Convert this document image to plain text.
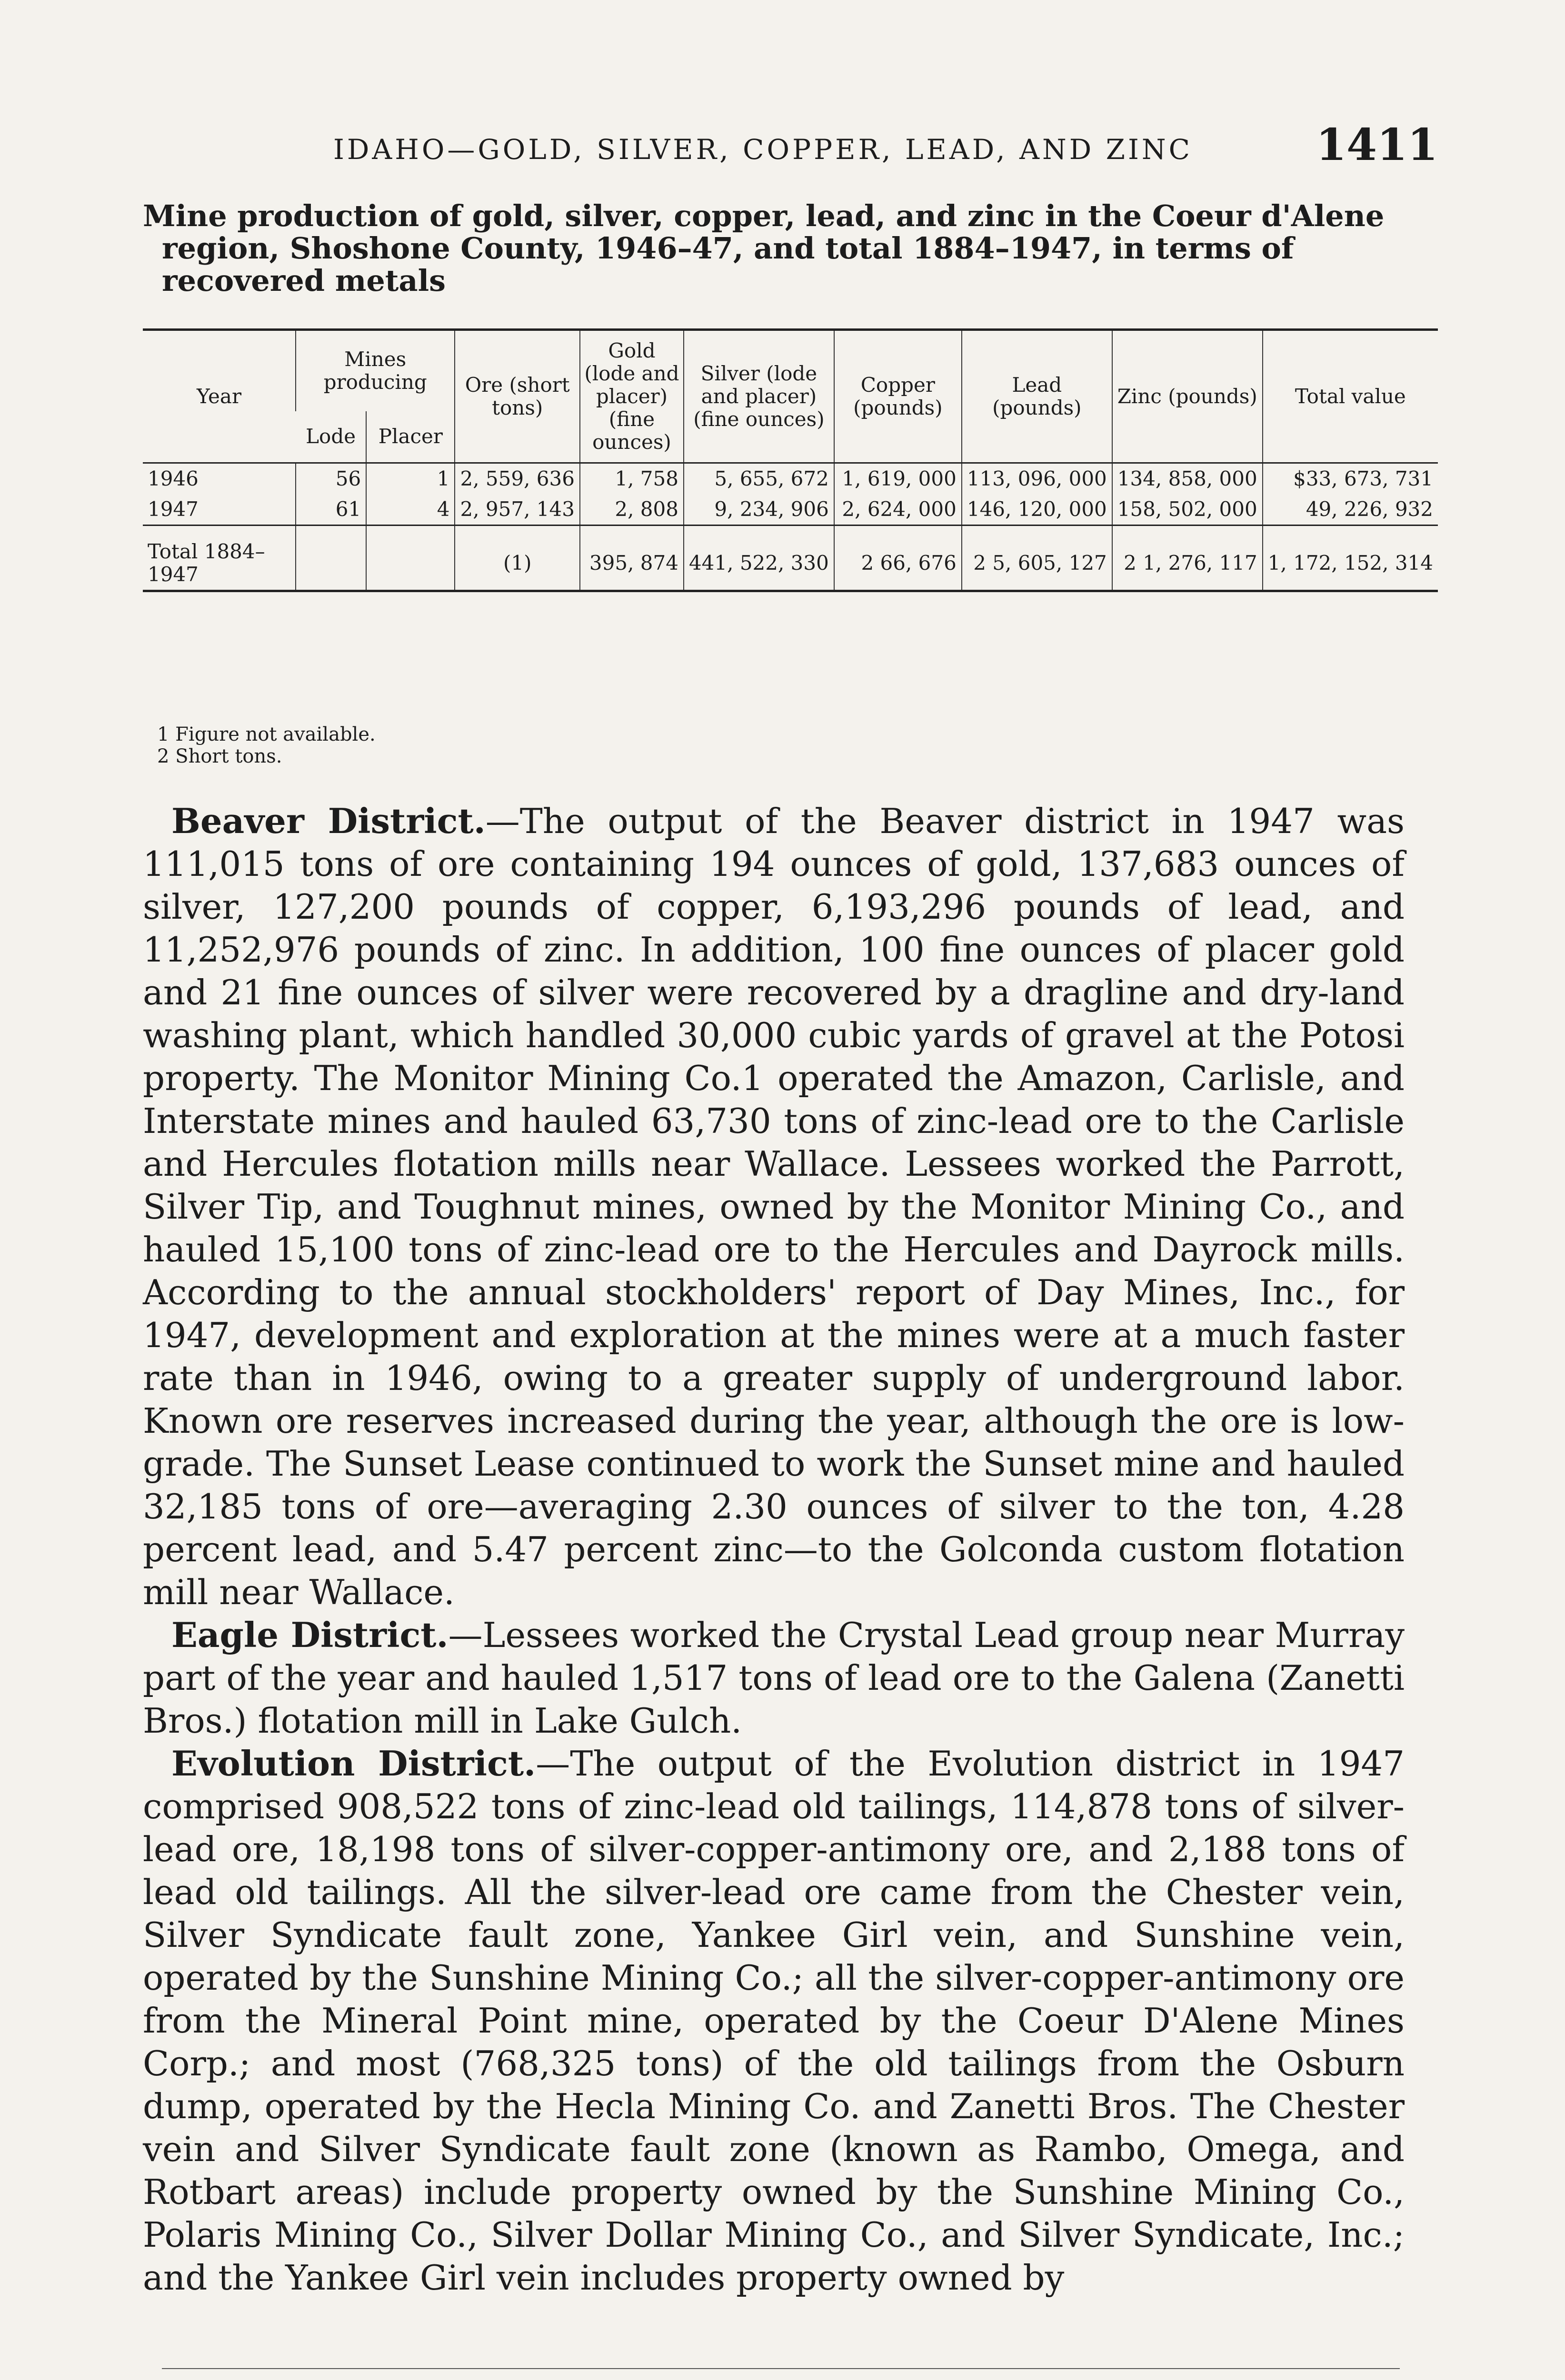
IDAHO—GOLD, SILVER, COPPER, LEAD, AND ZINC	1411
Mine production of gold, silver, copper, lead, and zinc in the Coeur d'Alene region, Shoshone County, 1946–47, and total 1884–1947, in terms of recovered metals
Year	Mines producing		Ore (short tons)	Gold (lode and placer) (fine ounces)	Silver (lode and placer) (fine ounces)	Copper (pounds)	Lead (pounds)	Zinc (pounds)	Total value
	Lode	Placer							
1946	56	1	2, 559, 636	1, 758	5, 655, 672	1, 619, 000	113, 096, 000	134, 858, 000	$33, 673, 731
1947	61	4	2, 957, 143	2, 808	9, 234, 906	2, 624, 000	146, 120, 000	158, 502, 000	49, 226, 932
Total 1884–1947			(1)	395, 874	441, 522, 330	2 66, 676	2 5, 605, 127	2 1, 276, 117	1, 172, 152, 314
1 Figure not available.
2 Short tons.

Beaver District.—The output of the Beaver district in 1947 was 111,015 tons of ore containing 194 ounces of gold, 137,683 ounces of silver, 127,200 pounds of copper, 6,193,296 pounds of lead, and 11,252,976 pounds of zinc. In addition, 100 fine ounces of placer gold and 21 fine ounces of silver were recovered by a dragline and dry-land washing plant, which handled 30,000 cubic yards of gravel at the Potosi property. The Monitor Mining Co.1 operated the Amazon, Carlisle, and Interstate mines and hauled 63,730 tons of zinc-lead ore to the Carlisle and Hercules flotation mills near Wallace. Lessees worked the Parrott, Silver Tip, and Toughnut mines, owned by the Monitor Mining Co., and hauled 15,100 tons of zinc-lead ore to the Hercules and Dayrock mills. According to the annual stockholders' report of Day Mines, Inc., for 1947, development and exploration at the mines were at a much faster rate than in 1946, owing to a greater supply of underground labor. Known ore reserves increased during the year, although the ore is low-grade. The Sunset Lease continued to work the Sunset mine and hauled 32,185 tons of ore—averaging 2.30 ounces of silver to the ton, 4.28 percent lead, and 5.47 percent zinc—to the Golconda custom flotation mill near Wallace.

Eagle District.—Lessees worked the Crystal Lead group near Murray part of the year and hauled 1,517 tons of lead ore to the Galena (Zanetti Bros.) flotation mill in Lake Gulch.

Evolution District.—The output of the Evolution district in 1947 comprised 908,522 tons of zinc-lead old tailings, 114,878 tons of silver-lead ore, 18,198 tons of silver-copper-antimony ore, and 2,188 tons of lead old tailings. All the silver-lead ore came from the Chester vein, Silver Syndicate fault zone, Yankee Girl vein, and Sunshine vein, operated by the Sunshine Mining Co.; all the silver-copper-antimony ore from the Mineral Point mine, operated by the Coeur D'Alene Mines Corp.; and most (768,325 tons) of the old tailings from the Osburn dump, operated by the Hecla Mining Co. and Zanetti Bros. The Chester vein and Silver Syndicate fault zone (known as Rambo, Omega, and Rotbart areas) include property owned by the Sunshine Mining Co., Polaris Mining Co., Silver Dollar Mining Co., and Silver Syndicate, Inc.; and the Yankee Girl vein includes property owned by
